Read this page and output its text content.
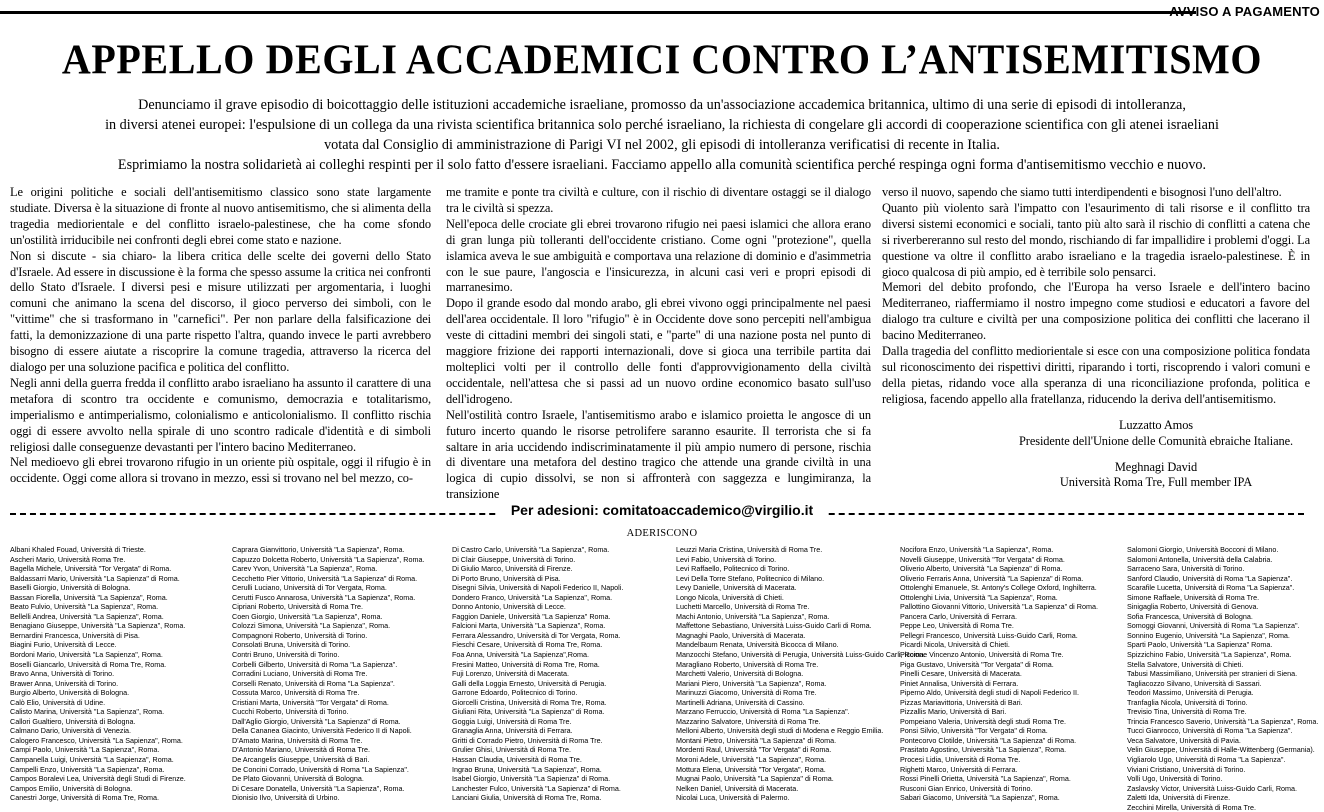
AVVISO A PAGAMENTO
APPELLO DEGLI ACCADEMICI CONTRO L’ANTISEMITISMO

Denunciamo il grave episodio di boicottaggio delle istituzioni accademiche israeliane, promosso da un'associazione accademica britannica, ultimo di una serie di episodi di intolleranza,

in diversi atenei europei: l'espulsione di un collega da una rivista scientifica britannica solo perché israeliano, la richiesta di congelare gli accordi di cooperazione scientifica con gli atenei israeliani

votata dal Consiglio di amministrazione di Parigi VI nel 2002, gli episodi di intolleranza verificatisi di recente in Italia.

Esprimiamo la nostra solidarietà ai colleghi respinti per il solo fatto d'essere israeliani. Facciamo appello alla comunità scientifica perché respinga ogni forma d'antisemitismo vecchio e nuovo.

Le origini politiche e sociali dell'antisemitismo classico sono state largamente studiate. Diversa è la situazione di fronte al nuovo antisemitismo, che si alimenta della tragedia mediorientale e del conflitto israelo-palestinese, che ha come sfondo un'ostilità irriducibile nei confronti degli ebrei come stato e nazione.

Non si discute - sia chiaro- la libera critica delle scelte dei governi dello Stato d'Israele. Ad essere in discussione è la forma che spesso assume la critica nei confronti dello Stato d'Israele. I diversi pesi e misure utilizzati per argomentaria, i luoghi comuni che animano la scena del discorso, il gioco perverso dei simboli, con le "vittime" che si trasformano in "carnefici". Per non parlare della falsificazione dei fatti, la demonizzazione di una parte rispetto l'altra, quando invece le parti avrebbero bisogno di essere aiutate a riscoprire la comune tragedia, attraverso la ricerca del dialogo per una soluzione pacifica e politica del conflitto.

Negli anni della guerra fredda il conflitto arabo israeliano ha assunto il carattere di una metafora di scontro tra occidente e comunismo, democrazia e totalitarismo, imperialismo e antimperialismo, colonialismo e anticolonialismo. Il conflitto rischia oggi di essere avvolto nella spirale di uno scontro radicale d'identità e di simboli religiosi dalle conseguenze devastanti per l'intero bacino Mediterraneo.

Nel medioevo gli ebrei trovarono rifugio in un oriente più ospitale, oggi il rifugio è in occidente. Oggi come allora si trovano in mezzo, essi si trovano nel bel mezzo, co-

me tramite e ponte tra civiltà e culture, con il rischio di diventare ostaggi se il dialogo tra le civiltà si spezza.

Nell'epoca delle crociate gli ebrei trovarono rifugio nei paesi islamici che allora erano di gran lunga più tolleranti dell'occidente cristiano. Come ogni "protezione", quella islamica aveva le sue ambiguità e comportava una relazione di dominio e d'asimmetria con le sue paure, l'angoscia e l'insicurezza, in alcuni casi veri e propri episodi di marranesimo.

Dopo il grande esodo dal mondo arabo, gli ebrei vivono oggi principalmente nel paesi dell'area occidentale. Il loro "rifugio" è in Occidente dove sono percepiti nell'ambigua veste di cittadini membri dei singoli stati, e "parte" di una nazione posta nel punto di maggiore frizione dei rapporti internazionali, dove si gioca una terribile partita dai molteplici volti per il controllo delle fonti d'approvvigionamento della civiltà occidentale, nell'attesa che si passi ad un nuovo ordine economico basato sull'uso dell'idrogeno.

Nell'ostilità contro Israele, l'antisemitismo arabo e islamico proietta le angosce di un futuro incerto quando le risorse petrolifere saranno esaurite. Il terrorista che si fa saltare in aria uccidendo indiscriminatamente il più ampio numero di persone, rischia di diventare una metafora del destino tragico che attende una grande civiltà in una logica di cupio dissolvi, se non si affronterà con saggezza e lungimiranza, la transizione

verso il nuovo, sapendo che siamo tutti interdipendenti e bisognosi l'uno dell'altro.

Quanto più violento sarà l'impatto con l'esaurimento di tali risorse e il conflitto tra diversi sistemi economici e sociali, tanto più alto sarà il rischio di conflitti a catena che si riverbereranno sul resto del mondo, rischiando di far impallidire i problemi d'oggi. La questione va oltre il conflitto arabo israeliano e la tragedia israelo-palestinese. È in gioco qualcosa di più ampio, ed è terribile solo pensarci.

Memori del debito profondo, che l'Europa ha verso Israele e dell'intero bacino Mediterraneo, riaffermiamo il nostro impegno come studiosi e educatori a favore del dialogo tra culture e civiltà per una composizione politica dei conflitti che lacerano il bacino Mediterraneo.

Dalla tragedia del conflitto mediorientale si esce con una composizione politica fondata sul riconoscimento dei rispettivi diritti, riparando i torti, riscoprendo i valori comuni e della pietas, ridando voce alla speranza di una riconciliazione profonda, politica e religiosa, facendo appello alla fratellanza, riducendo la deriva dell'antisemitismo.

Luzzatto Amos

Presidente dell'Unione delle Comunità ebraiche Italiane.

Meghnagi David

Università Roma Tre, Full member IPA

Per adesioni: comitatoaccademico@virgilio.it
ADERISCONO
Albani Khaled Fouad, Università di Trieste.
Ascheri Mario, Università Roma Tre.
Bagella Michele, Università "Tor Vergata" di Roma.
Baldassarri Mario, Università "La Sapienza" di Roma.
Baselli Giorgio, Università di Bologna.
Bassan Fiorella, Università "La Sapienza", Roma.
Beato Fulvio, Università "La Sapienza", Roma.
Bellelli Andrea, Università "La Sapienza", Roma.
Benagiano Giuseppe, Università "La Sapienza", Roma.
Bernardini Francesca, Università di Pisa.
Biagini Furio, Università di Lecce.
Bordoni Mario, Università "La Sapienza", Roma.
Boselli Giancarlo, Università di Roma Tre, Roma.
Bravo Anna, Università di Torino.
Brawer Anna, Università di Torino.
Burgio Alberto, Università di Bologna.
Calò Elio, Università di Udine.
Calisto Marina, Università "La Sapienza", Roma.
Callori Gualtiero, Università di Bologna.
Calmano Dario, Università di Venezia.
Calogero Francesco, Università "La Sapienza", Roma.
Campi Paolo, Università "La Sapienza", Roma.
Campanella Luigi, Università "La Sapienza", Roma.
Campelli Enzo, Università "La Sapienza", Roma.
Campos Boralevi Lea, Università degli Studi di Firenze.
Campos Emilio, Università di Bologna.
Canestri Jorge, Università di Roma Tre, Roma.
Caprara Gianvittorio, Università "La Sapienza", Roma.
Capuzzo Dolcetta Roberto, Università "La Sapienza", Roma.
Carev Yvon, Università "La Sapienza", Roma.
Cecchetto Pier Vittorio, Università "La Sapienza" di Roma.
Cerulli Luciano, Università di Tor Vergata, Roma.
Cerutti Fusco Annarosa, Università "La Sapienza", Roma.
Cipriani Roberto, Università di Roma Tre.
Coen Giorgio, Università "La Sapienza", Roma.
Colozzi Simona, Università "La Sapienza", Roma.
Compagnoni Roberto, Università di Torino.
Consolati Bruna, Università di Torino.
Contri Bruno, Università di Torino.
Corbelli Gilberto, Università di Roma "La Sapienza".
Corradini Luciano, Università di Roma Tre.
Corselli Renato, Università di Roma "La Sapienza".
Cossuta Marco, Università di Roma Tre.
Cristiani Marta, Università "Tor Vergata" di Roma.
Cucchi Roberto, Università di Torino.
Dall'Aglio Giorgio, Università "La Sapienza" di Roma.
Della Cananea Giacinto, Università Federico II di Napoli.
D'Amato Marina, Università di Roma Tre.
D'Antonio Mariano, Università di Roma Tre.
De Arcangelis Giuseppe, Università di Bari.
De Concini Corrado, Università di Roma "La Sapienza".
De Plato Giovanni, Università di Bologna.
Di Cesare Donatella, Università "La Sapienza", Roma.
Dionisio Ilvo, Università di Urbino.
Di Castro Carlo, Università "La Sapienza", Roma.
Di Clair Giuseppe, Università di Torino.
Di Giulio Marco, Università di Firenze.
Di Porto Bruno, Università di Pisa.
Disegni Silvia, Università di Napoli Federico II, Napoli.
Dondero Franco, Università "La Sapienza", Roma.
Donno Antonio, Università di Lecce.
Faggion Daniele, Università "La Sapienza" Roma.
Falcioni Marta, Università "La Sapienza", Roma.
Ferrara Alessandro, Università di Tor Vergata, Roma.
Fieschi Cesare, Università di Roma Tre, Roma.
Foa Anna, Università "La Sapienza",Roma.
Fresini Matteo, Università di Roma Tre, Roma.
Fuji Lorenzo, Università di Macerata.
Galli della Loggia Ernesto, Università di Perugia.
Garrone Edoardo, Politecnico di Torino.
Giorcelli Cristina, Università di Roma Tre, Roma.
Giuliani Rita, Università "La Sapienza" di Roma.
Goggia Luigi, Università di Roma Tre.
Granaglia Anna, Università di Ferrara.
Gritti di Corrado Pietro, Università di Roma Tre.
Grulier Ghisi, Università di Roma Tre.
Hassan Claudia, Università di Roma Tre.
Ingrao Bruna, Università "La Sapienza", Roma.
Isabel Giorgio, Università "La Sapienza" di Roma.
Lanchester Fulco, Università "La Sapienza" di Roma.
Lanciani Giulia, Università di Roma Tre, Roma.
Leuzzi Maria Cristina, Università di Roma Tre.
Levi Fabio, Università di Torino.
Levi Raffaello, Politecnico di Torino.
Levi Della Torre Stefano, Politecnico di Milano.
Levy Danielle, Università di Macerata.
Longo Nicola, Università di Chieti.
Luchetti Marcello, Università di Roma Tre.
Machi Antonio, Università "La Sapienza", Roma.
Maffettone Sebastiano, Università Luiss-Guido Carli di Roma.
Magnaghi Paolo, Università di Macerata.
Mandelbaum Renata, Università Bicocca di Milano.
Manzocchi Stefano, Università di Perugia, Università Luiss-Guido Carli, Roma.
Maragliano Roberto, Università di Roma Tre.
Marchetti Valerio, Università di Bologna.
Mariani Piero, Università "La Sapienza", Roma.
Marinuzzi Giacomo, Università di Roma Tre.
Martinelli Adriana, Università di Cassino.
Marzano Ferruccio, Università di Roma "La Sapienza".
Mazzarino Salvatore, Università di Roma Tre.
Melloni Alberto, Università degli studi di Modena e Reggio Emilia.
Montani Pietro, Università "La Sapienza" di Roma.
Mordenti Raul, Università "Tor Vergata" di Roma.
Moroni Adele, Università "La Sapienza", Roma.
Mottura Elena, Università "Tor Vergata", Roma.
Mugnai Paolo, Università "La Sapienza" di Roma.
Nelken Daniel, Università di Macerata.
Nicolai Luca, Università di Palermo.
Nocifora Enzo, Università "La Sapienza", Roma.
Novelli Giuseppe, Università "Tor Vergata" di Roma.
Oliverio Alberto, Università "La Sapienza" di Roma.
Oliverio Ferraris Anna, Università "La Sapienza" di Roma.
Ottolenghi Emanuele, St. Antony's College Oxford, Inghilterra.
Ottolenghi Livia, Università "La Sapienza", Roma.
Pallottino Giovanni Vittorio, Università "La Sapienza" di Roma.
Pancera Carlo, Università di Ferrara.
Peppe Leo, Università di Roma Tre.
Pellegri Francesco, Università Luiss-Guido Carli, Roma.
Picardi Nicola, Università di Chieti.
Piccione Vincenzo Antonio, Università di Roma Tre.
Piga Gustavo, Università "Tor Vergata" di Roma.
Pinelli Cesare, Università di Macerata.
Piniet Annalisa, Università di Ferrara.
Piperno Aldo, Università degli studi di Napoli Federico II.
Pizzas Mariavittoria, Università di Bari.
Pizzallis Mario, Università di Bari.
Pompeiano Valeria, Università degli studi Roma Tre.
Ponsi Silvio, Università "Tor Vergata" di Roma.
Pontecorvo Clotilde, Università "La Sapienza" di Roma.
Prasitato Agostino, Università "La Sapienza", Roma.
Procesi Lidia, Università di Roma Tre.
Righetti Marco, Università di Ferrara.
Rossi Pinelli Orietta, Università "La Sapienza", Roma.
Rusconi Gian Enrico, Università di Torino.
Sabari Giacomo, Università "La Sapienza", Roma.
Salomoni Giorgio, Università Bocconi di Milano.
Salomoni Antonella, Università della Calabria.
Sarraceno Sara, Università di Torino.
Sanford Claudio, Università di Roma "La Sapienza".
Scarafile Lucetta, Università di Roma "La Sapienza".
Simone Raffaele, Università di Roma Tre.
Sinigaglia Roberto, Università di Genova.
Sofia Francesca, Università di Bologna.
Somoggi Giovanni, Università di Roma "La Sapienza".
Sonnino Eugenio, Università "La Sapienza", Roma.
Sparti Paolo, Università "La Sapienza" Roma.
Spizzichino Fabio, Università "La Sapienza", Roma.
Stella Salvatore, Università di Chieti.
Tabusi Massimiliano, Università per stranieri di Siena.
Tagliacozzo Silvano, Università di Sassari.
Teodori Massimo, Università di Perugia.
Tranfaglia Nicola, Università di Torino.
Trevisio Tina, Università di Roma Tre.
Trincia Francesco Saverio, Università "La Sapienza", Roma.
Tucci Gianrocco, Università di Roma "La Sapienza".
Veca Salvatore, Università di Pavia.
Velin Giuseppe, Università di Halle-Wittenberg (Germania).
Vigliarolo Ugo, Università di Roma "La Sapienza".
Viviani Cristiano, Università di Torino.
Volli Ugo, Università di Torino.
Zaslavsky Victor, Università Luiss-Guido Carli, Roma.
Zaletti Ida, Università di Firenze.
Zecchini Mirella, Università di Roma Tre.
